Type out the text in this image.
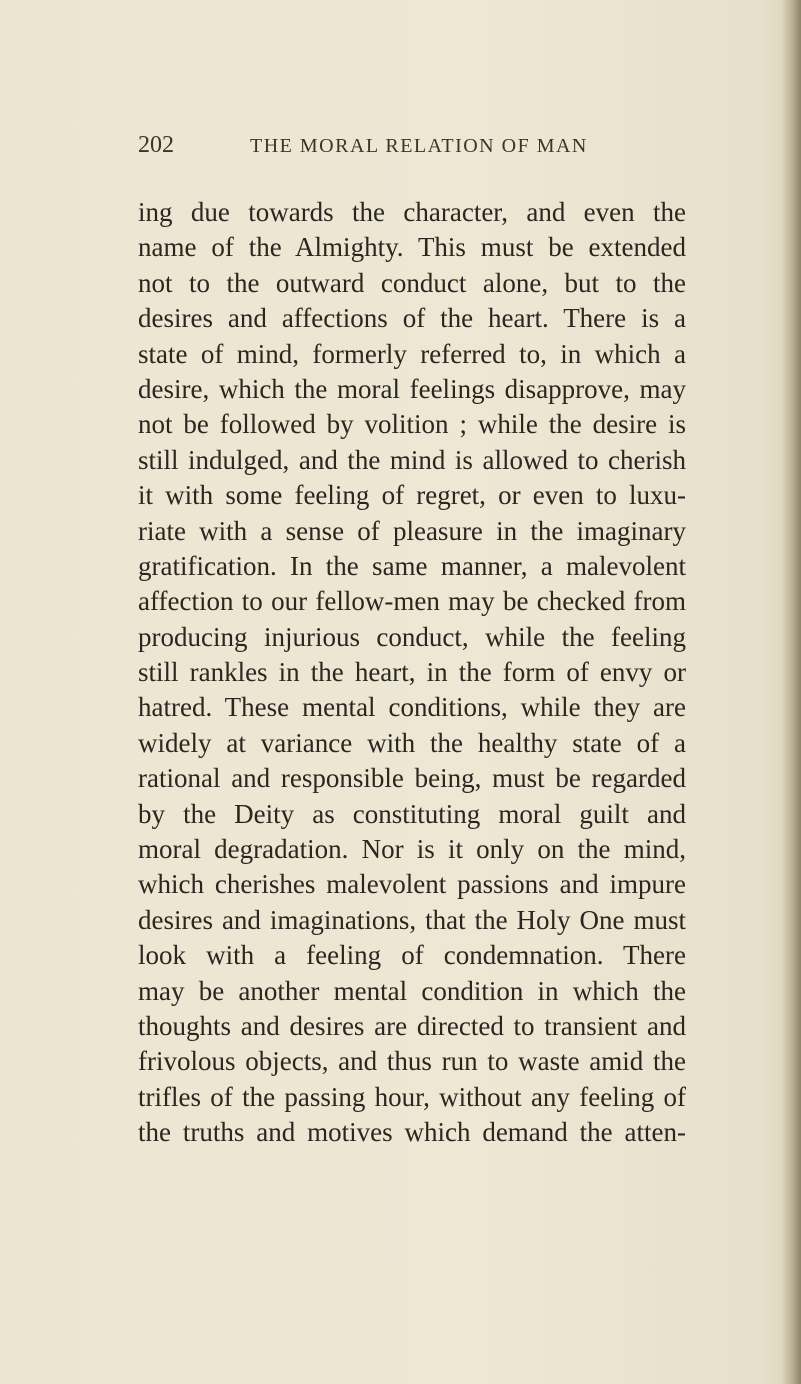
202	THE MORAL RELATION OF MAN
ing due towards the character, and even the
name of the Almighty. This must be extended
not to the outward conduct alone, but to the
desires and affections of the heart. There is a
state of mind, formerly referred to, in which a
desire, which the moral feelings disapprove, may
not be followed by volition ; while the desire is
still indulged, and the mind is allowed to cherish
it with some feeling of regret, or even to luxu-
riate with a sense of pleasure in the imaginary
gratification. In the same manner, a malevolent
affection to our fellow-men may be checked from
producing injurious conduct, while the feeling
still rankles in the heart, in the form of envy or
hatred. These mental conditions, while they are
widely at variance with the healthy state of a
rational and responsible being, must be regarded
by the Deity as constituting moral guilt and
moral degradation. Nor is it only on the mind,
which cherishes malevolent passions and impure
desires and imaginations, that the Holy One must
look with a feeling of condemnation. There
may be another mental condition in which the
thoughts and desires are directed to transient and
frivolous objects, and thus run to waste amid the
trifles of the passing hour, without any feeling of
the truths and motives which demand the atten-
